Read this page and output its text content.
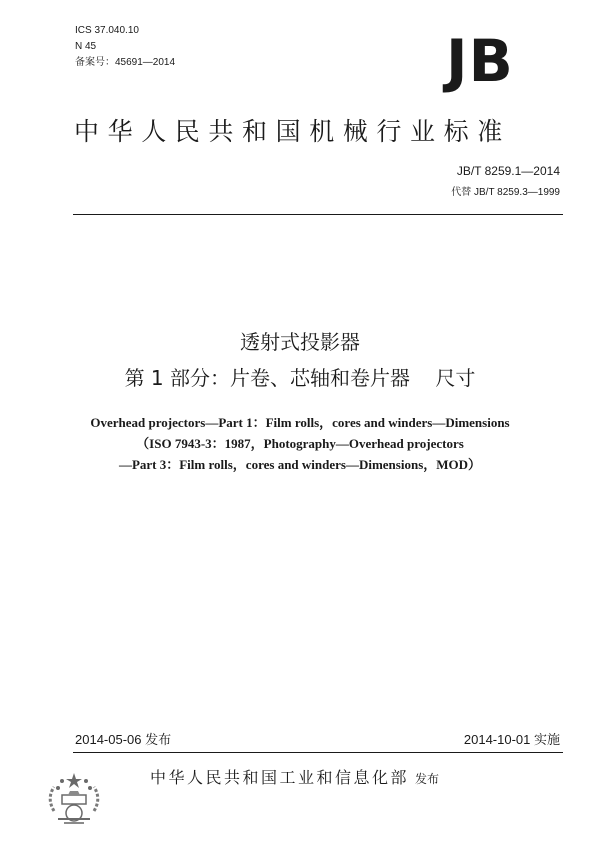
ICS 37.040.10
N 45
备案号：45691—2014	JB
中华人民共和国机械行业标准
JB/T 8259.1—2014
代替 JB/T 8259.3—1999
透射式投影器
第 1 部分：片卷、芯轴和卷片器    尺寸
Overhead projectors—Part 1：Film rolls，cores and winders—Dimensions
（ISO 7943-3：1987，Photography—Overhead projectors
—Part 3：Film rolls，cores and winders—Dimensions，MOD）
2014-05-06 发布	2014-10-01 实施
中华人民共和国工业和信息化部 发布
